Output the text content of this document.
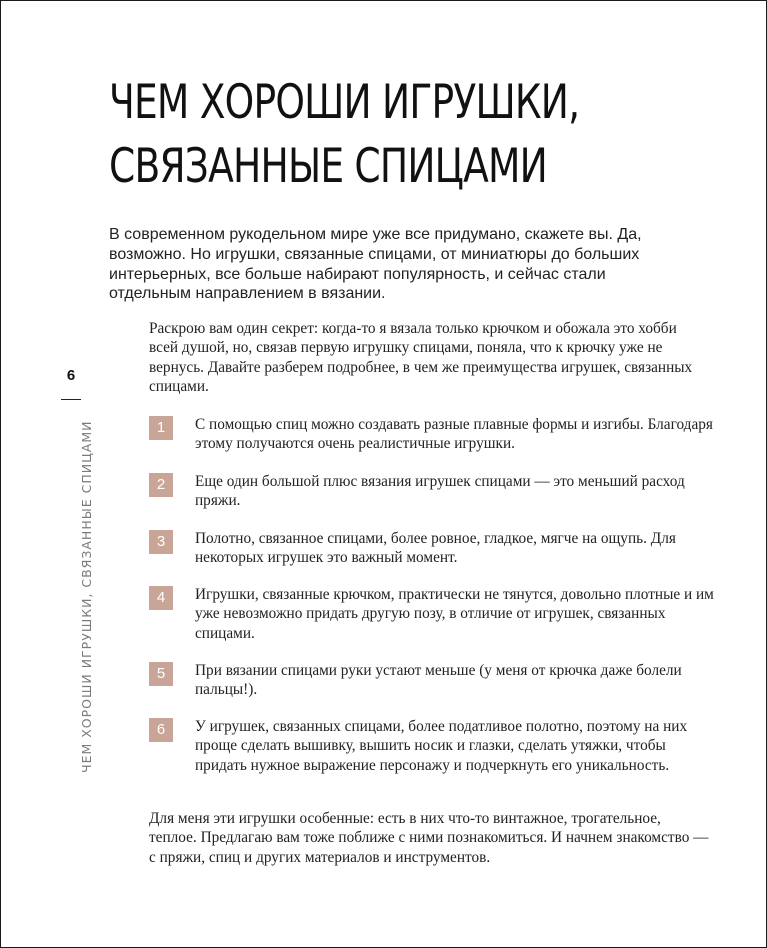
ЧЕМ ХОРОШИ ИГРУШКИ,
СВЯЗАННЫЕ СПИЦАМИ

В современном рукодельном мире уже все придумано, скажете вы. Да, возможно. Но игрушки, связанные спицами, от миниатюры до больших интерьерных, все больше набирают популярность, и сейчас стали отдельным направлением в вязании.

Раскрою вам один секрет: когда-то я вязала только крючком и обожала это хобби всей душой, но, связав первую игрушку спицами, поняла, что к крючку уже не вернусь. Давайте разберем подробнее, в чем же преимущества игрушек, связанных спицами.

1	С помощью спиц можно создавать разные плавные формы и изгибы. Благодаря этому получаются очень реалистичные игрушки.
2	Еще один большой плюс вязания игрушек спицами — это меньший расход пряжи.
3	Полотно, связанное спицами, более ровное, гладкое, мягче на ощупь. Для некоторых игрушек это важный момент.
4	Игрушки, связанные крючком, практически не тянутся, довольно плотные и им уже невозможно придать другую позу, в отличие от игрушек, связанных спицами.
5	При вязании спицами руки устают меньше (у меня от крючка даже болели пальцы!).
6	У игрушек, связанных спицами, более податливое полотно, поэтому на них проще сделать вышивку, вышить носик и глазки, сделать утяжки, чтобы придать нужное выражение персонажу и подчеркнуть его уникальность.

Для меня эти игрушки особенные: есть в них что-то винтажное, трогательное, теплое. Предлагаю вам тоже поближе с ними познакомиться. И начнем знакомство — с пряжи, спиц и других материалов и инструментов.

6
ЧЕМ ХОРОШИ ИГРУШКИ, СВЯЗАННЫЕ СПИЦАМИ
